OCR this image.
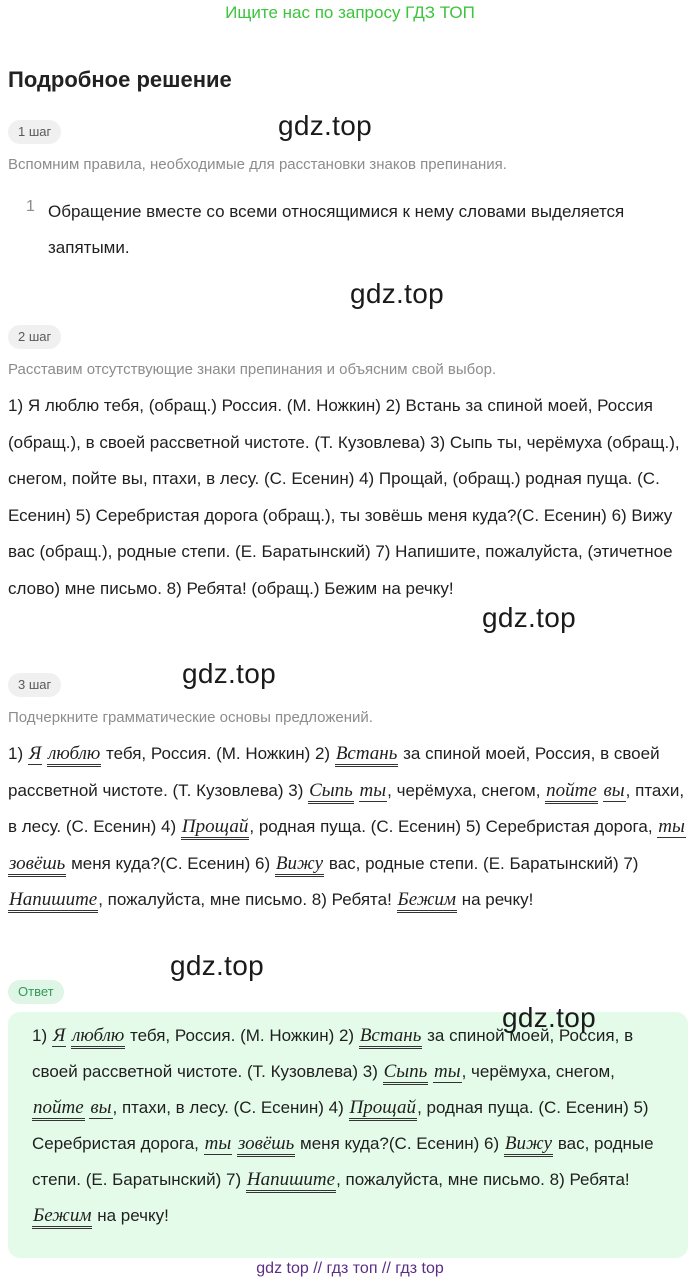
Ищите нас по запросу ГДЗ ТОП
Подробное решение
1 шаг	gdz.top
Вспомним правила, необходимые для расстановки знаков препинания.
1 Обращение вместе со всеми относящимися к нему словами выделяется запятыми.
gdz.top
2 шаг
Расставим отсутствующие знаки препинания и объясним свой выбор.
1) Я люблю тебя, (обращ.) Россия. (М. Ножкин) 2) Встань за спиной моей, Россия (обращ.), в своей рассветной чистоте. (Т. Кузовлева) 3) Сыпь ты, черёмуха (обращ.), снегом, пойте вы, птахи, в лесу. (С. Есенин) 4) Прощай, (обращ.) родная пуща. (С. Есенин) 5) Серебристая дорога (обращ.), ты зовёшь меня куда?(С. Есенин) 6) Вижу вас (обращ.), родные степи. (Е. Баратынский) 7) Напишите, пожалуйста, (этичетное слово) мне письмо. 8) Ребята! (обращ.) Бежим на речку!
gdz.top
gdz.top
3 шаг
Подчеркните грамматические основы предложений.
1) Я люблю тебя, Россия. (М. Ножкин) 2) Встань за спиной моей, Россия, в своей рассветной чистоте. (Т. Кузовлева) 3) Сыпь ты, черёмуха, снегом, пойте вы, птахи, в лесу. (С. Есенин) 4) Прощай, родная пуща. (С. Есенин) 5) Серебристая дорога, ты зовёшь меня куда?(С. Есенин) 6) Вижу вас, родные степи. (Е. Баратынский) 7) Напишите, пожалуйста, мне письмо. 8) Ребята! Бежим на речку!
gdz.top
Ответ
1) Я люблю тебя, Россия. (М. Ножкин) 2) Встань за спиной моей, Россия, в своей рассветной чистоте. (Т. Кузовлева) 3) Сыпь ты, черёмуха, снегом, пойте вы, птахи, в лесу. (С. Есенин) 4) Прощай, родная пуща. (С. Есенин) 5) Серебристая дорога, ты зовёшь меня куда?(С. Есенин) 6) Вижу вас, родные степи. (Е. Баратынский) 7) Напишите, пожалуйста, мне письмо. 8) Ребята! Бежим на речку!
gdz.top
gdz top // гдз топ // гдз top
